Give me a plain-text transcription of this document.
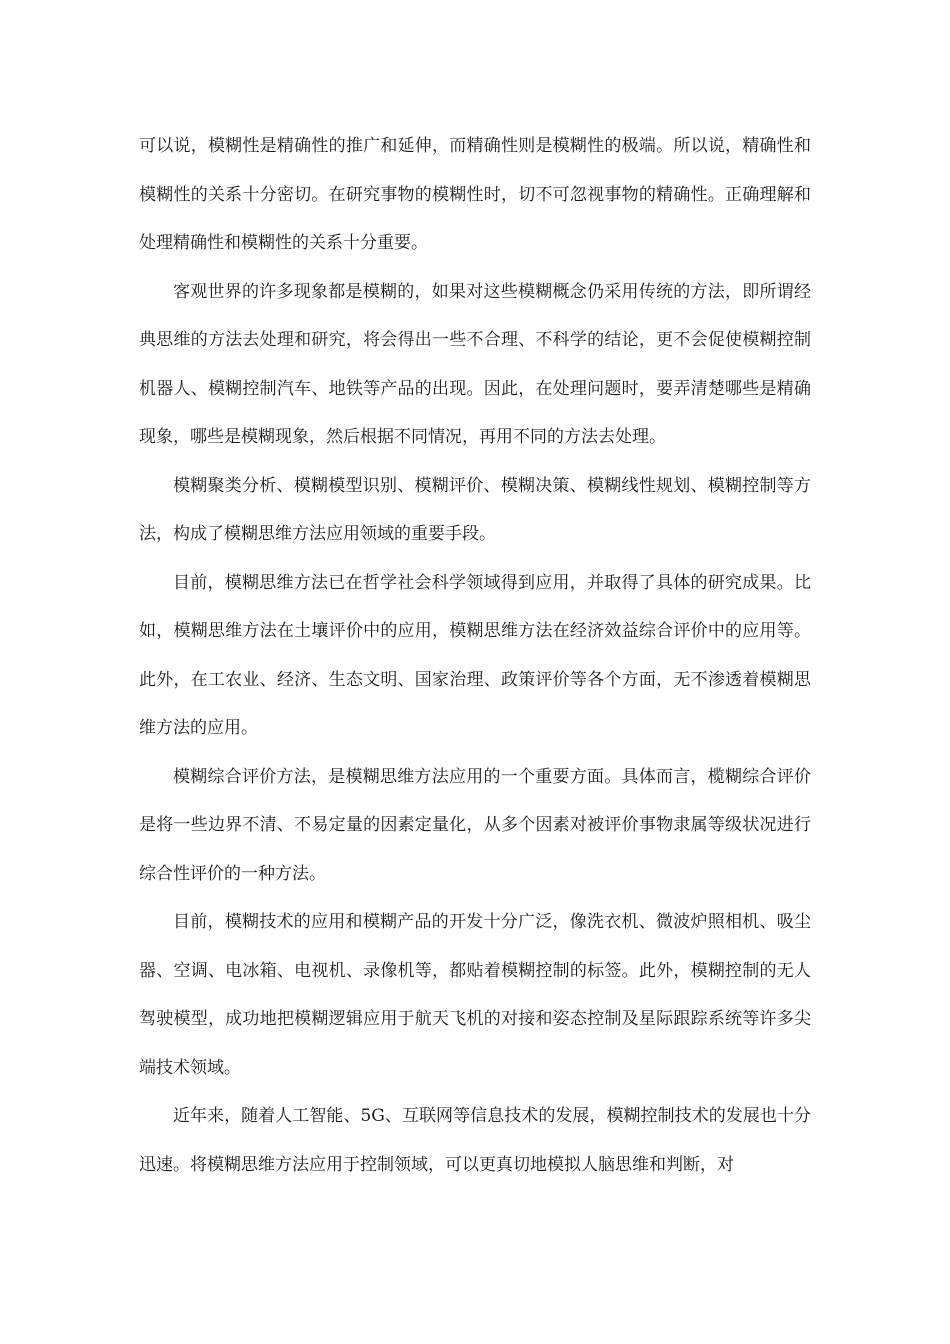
可以说，模糊性是精确性的推广和延伸，而精确性则是模糊性的极端。所以说，精确性和模糊性的关系十分密切。在研究事物的模糊性时，切不可忽视事物的精确性。正确理解和处理精确性和模糊性的关系十分重要。

客观世界的许多现象都是模糊的，如果对这些模糊概念仍采用传统的方法，即所谓经典思维的方法去处理和研究，将会得出一些不合理、不科学的结论，更不会促使模糊控制机器人、模糊控制汽车、地铁等产品的出现。因此，在处理问题时，要弄清楚哪些是精确现象，哪些是模糊现象，然后根据不同情况，再用不同的方法去处理。

模糊聚类分析、模糊模型识别、模糊评价、模糊决策、模糊线性规划、模糊控制等方法，构成了模糊思维方法应用领域的重要手段。

目前，模糊思维方法已在哲学社会科学领域得到应用，并取得了具体的研究成果。比如，模糊思维方法在土壤评价中的应用，模糊思维方法在经济效益综合评价中的应用等。此外，在工农业、经济、生态文明、国家治理、政策评价等各个方面，无不渗透着模糊思维方法的应用。

模糊综合评价方法，是模糊思维方法应用的一个重要方面。具体而言，榄糊综合评价是将一些边界不清、不易定量的因素定量化，从多个因素对被评价事物隶属等级状况进行综合性评价的一种方法。

目前，模糊技术的应用和模糊产品的开发十分广泛，像洗衣机、微波炉照相机、吸尘器、空调、电冰箱、电视机、录像机等，都贴着模糊控制的标签。此外，模糊控制的无人驾驶模型，成功地把模糊逻辑应用于航天飞机的对接和姿态控制及星际跟踪系统等许多尖端技术领域。

近年来，随着人工智能、5G、互联网等信息技术的发展，模糊控制技术的发展也十分迅速。将模糊思维方法应用于控制领域，可以更真切地模拟人脑思维和判断，对
